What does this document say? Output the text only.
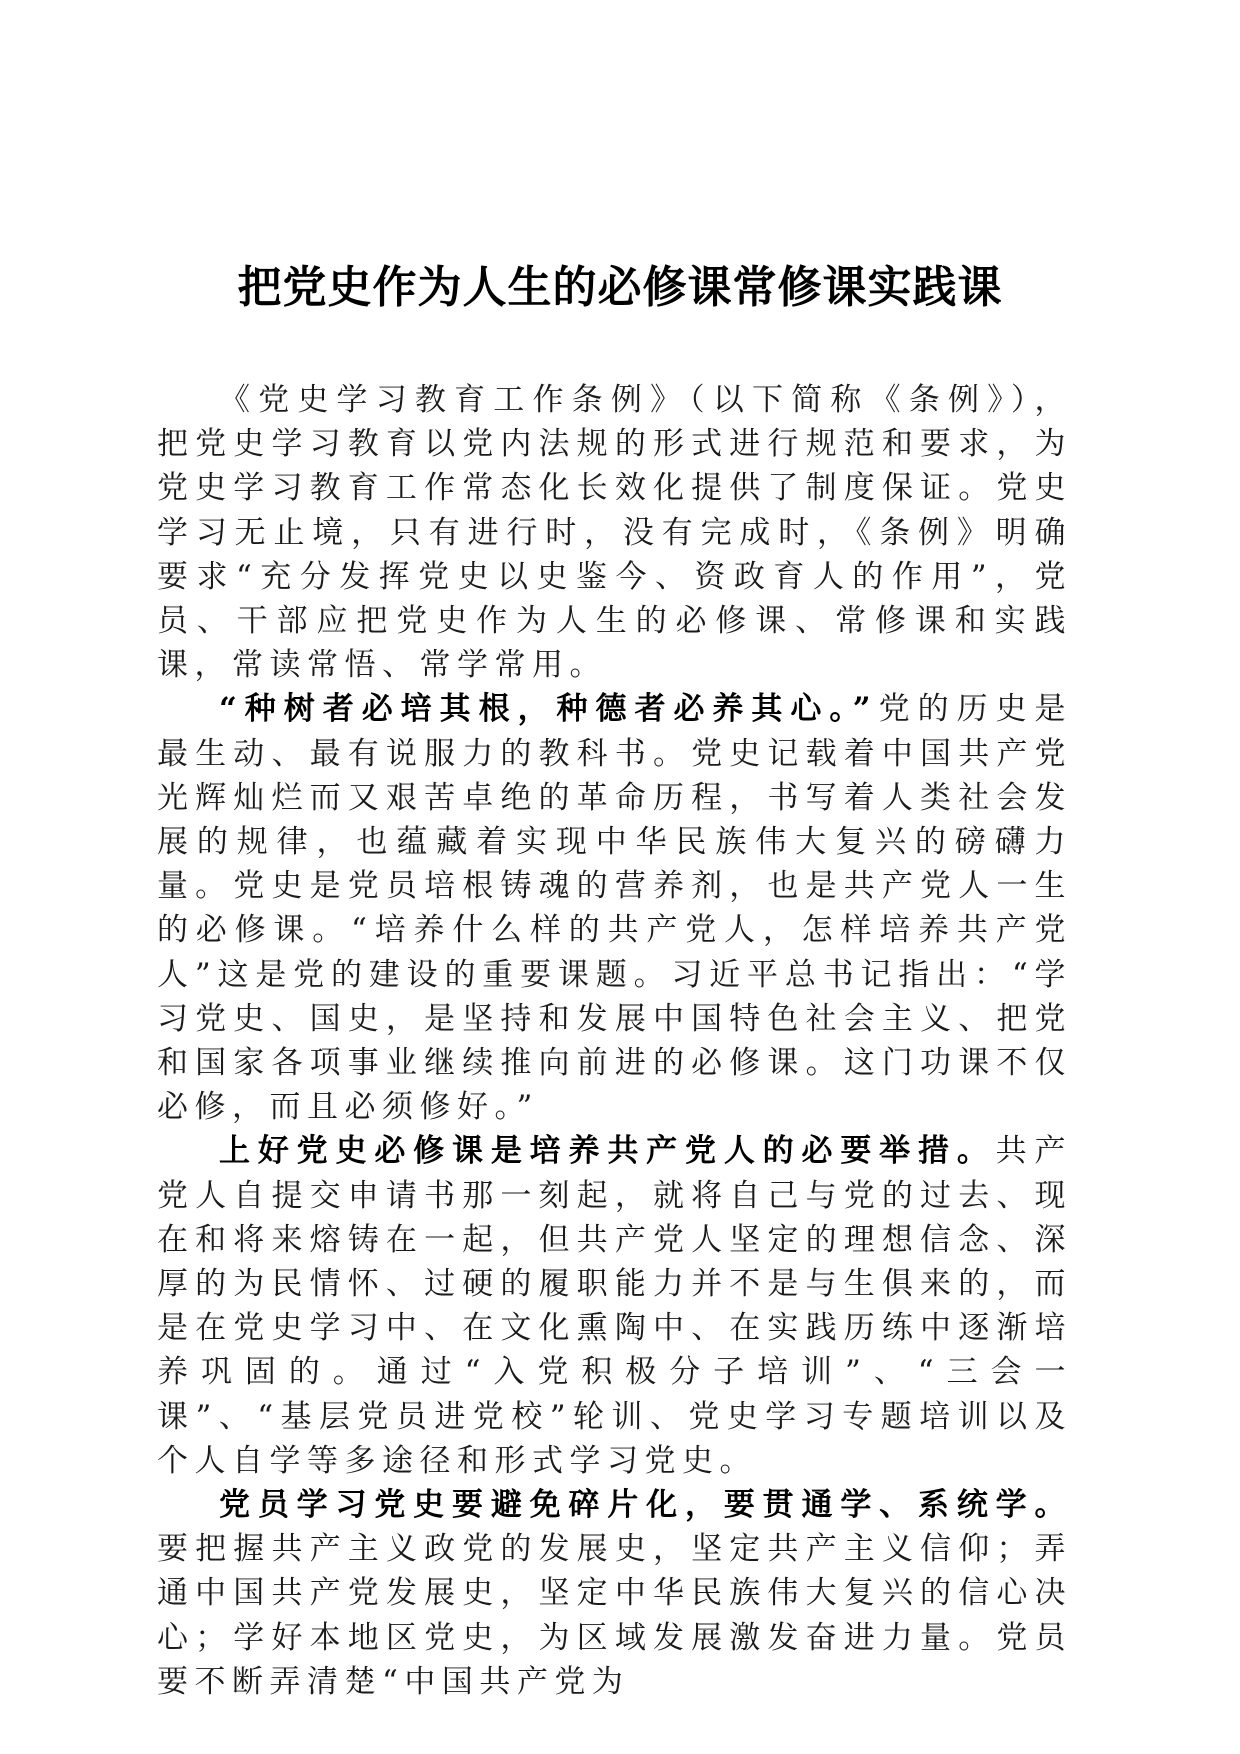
把党史作为人生的必修课常修课实践课

《党史学习教育工作条例》（以下简称《条例》），把党史学习教育以党内法规的形式进行规范和要求，为党史学习教育工作常态化长效化提供了制度保证。党史学习无止境，只有进行时，没有完成时，《条例》明确要求“充分发挥党史以史鉴今、资政育人的作用”，党员、干部应把党史作为人生的必修课、常修课和实践课，常读常悟、常学常用。

“种树者必培其根，种德者必养其心。”党的历史是最生动、最有说服力的教科书。党史记载着中国共产党光辉灿烂而又艰苦卓绝的革命历程，书写着人类社会发展的规律，也蕴藏着实现中华民族伟大复兴的磅礴力量。党史是党员培根铸魂的营养剂，也是共产党人一生的必修课。“培养什么样的共产党人，怎样培养共产党人”这是党的建设的重要课题。习近平总书记指出：“学习党史、国史，是坚持和发展中国特色社会主义、把党和国家各项事业继续推向前进的必修课。这门功课不仅必修，而且必须修好。”

上好党史必修课是培养共产党人的必要举措。共产党人自提交申请书那一刻起，就将自己与党的过去、现在和将来熔铸在一起，但共产党人坚定的理想信念、深厚的为民情怀、过硬的履职能力并不是与生俱来的，而是在党史学习中、在文化熏陶中、在实践历练中逐渐培养巩固的。通过“入党积极分子培训”、“三会一课”、“基层党员进党校”轮训、党史学习专题培训以及个人自学等多途径和形式学习党史。

党员学习党史要避免碎片化，要贯通学、系统学。要把握共产主义政党的发展史，坚定共产主义信仰；弄通中国共产党发展史，坚定中华民族伟大复兴的信心决心；学好本地区党史，为区域发展激发奋进力量。党员要不断弄清楚“中国共产党为
